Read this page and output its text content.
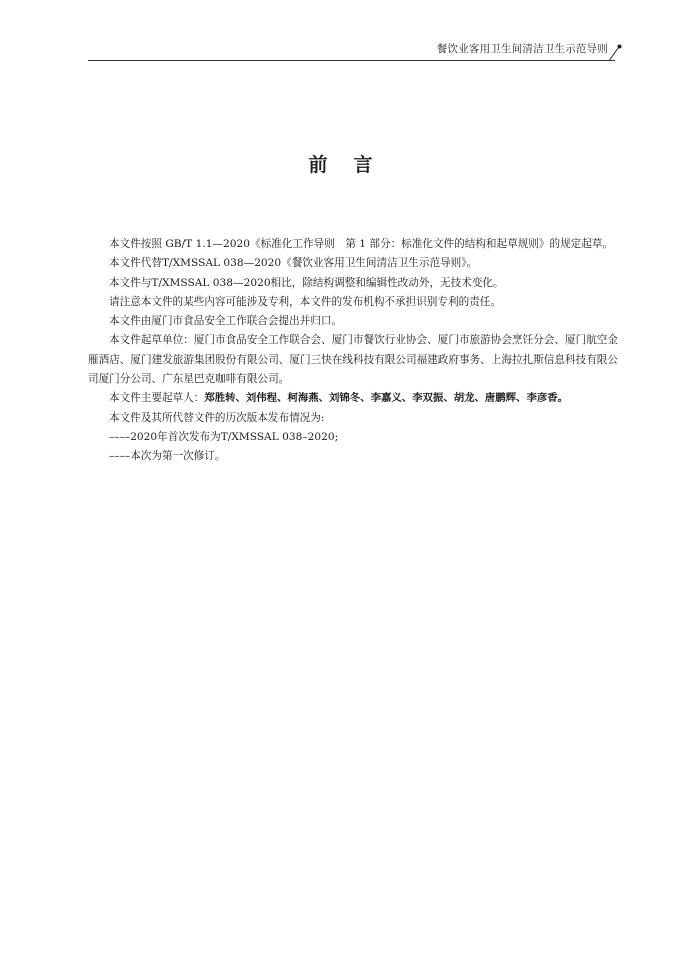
餐饮业客用卫生间清洁卫生示范导则
前 言

本文件按照 GB/T 1.1—2020《标准化工作导则　第 1 部分：标准化文件的结构和起草规则》的规定起草。

本文件代替T/XMSSAL 038—2020《餐饮业客用卫生间清洁卫生示范导则》。

本文件与T/XMSSAL 038—2020相比，除结构调整和编辑性改动外，无技术变化。

请注意本文件的某些内容可能涉及专利，本文件的发布机构不承担识别专利的责任。

本文件由厦门市食品安全工作联合会提出并归口。

本文件起草单位：厦门市食品安全工作联合会、厦门市餐饮行业协会、厦门市旅游协会烹饪分会、厦门航空金雁酒店、厦门建发旅游集团股份有限公司、厦门三快在线科技有限公司福建政府事务、上海拉扎斯信息科技有限公司厦门分公司、广东星巴克咖啡有限公司。

本文件主要起草人：郑胜转、刘伟程、柯海燕、刘锦冬、李嘉义、李双振、胡龙、唐鹏辉、李彦香。

本文件及其所代替文件的历次版本发布情况为:

––––2020年首次发布为T/XMSSAL 038–2020;

––––本次为第一次修订。
